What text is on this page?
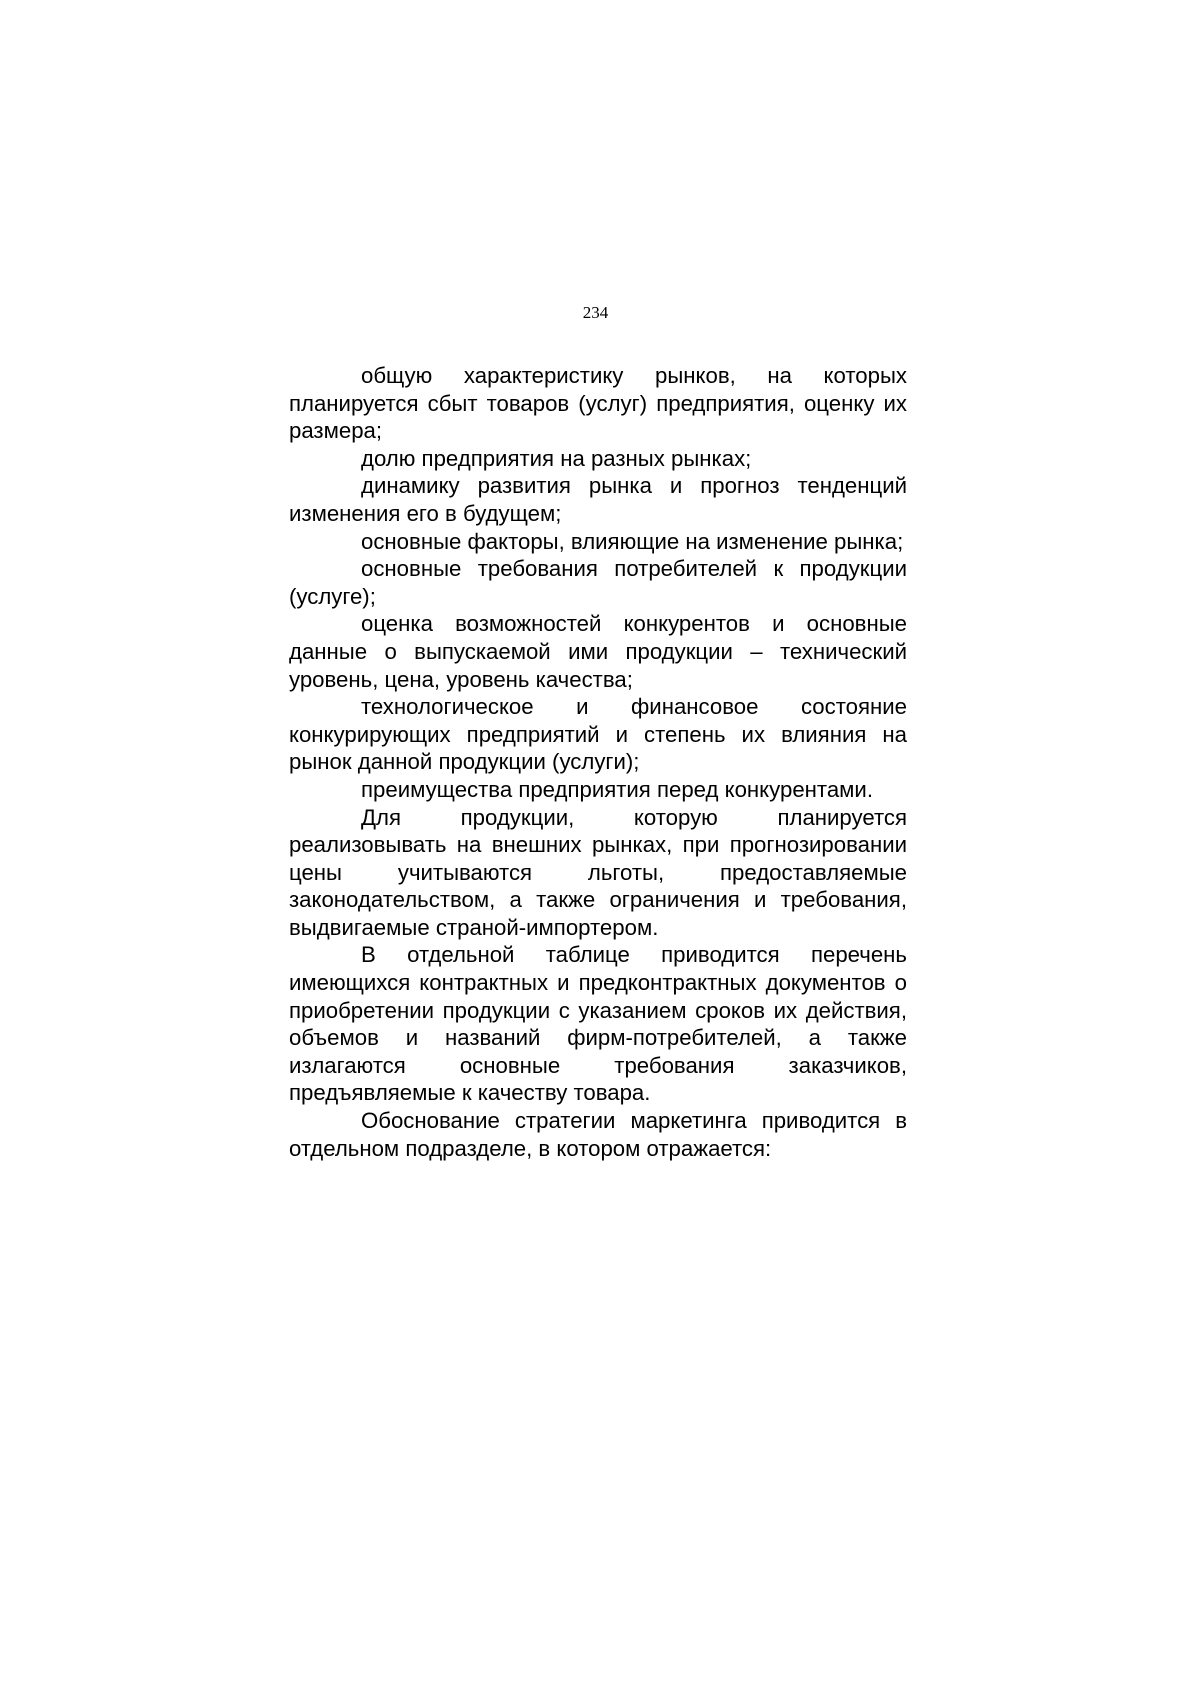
234

общую характеристику рынков, на которых планируется сбыт товаров (услуг) предприятия, оценку их размера;

долю предприятия на разных рынках;

динамику развития рынка и прогноз тенденций изменения его в будущем;

основные факторы, влияющие на изменение рынка;

основные требования потребителей к продукции (услуге);

оценка возможностей конкурентов и основные данные о выпускаемой ими продукции – технический уровень, цена, уровень качества;

технологическое и финансовое состояние конкурирующих предприятий и степень их влияния на рынок данной продукции (услуги);

преимущества предприятия перед конкурентами.

Для продукции, которую планируется реализовывать на внешних рынках, при прогнозировании цены учитываются льготы, предоставляемые законодательством, а также ограничения и требования, выдвигаемые страной-импортером.

В отдельной таблице приводится перечень имеющихся контрактных и предконтрактных документов о приобретении продукции с указанием сроков их действия, объемов и названий фирм-потребителей, а также излагаются основные требования заказчиков, предъявляемые к качеству товара.

Обоснование стратегии маркетинга приводится в отдельном подразделе, в котором отражается:
